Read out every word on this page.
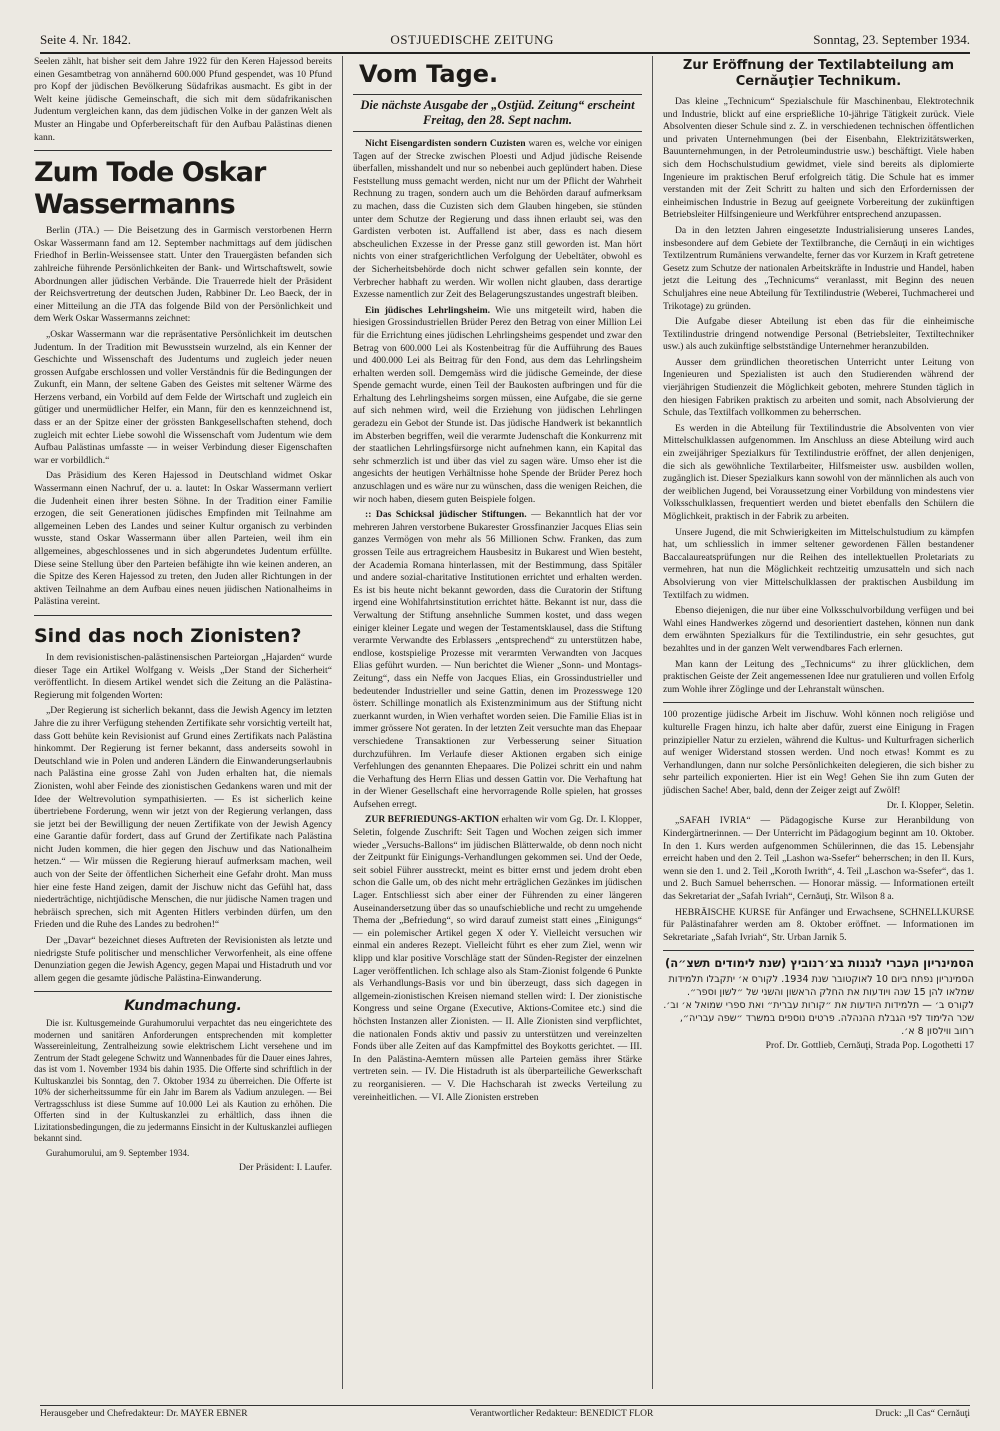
Seite 4. Nr. 1842.	OSTJUEDISCHE ZEITUNG	Sonntag, 23. September 1934.

Seelen zählt, hat bisher seit dem Jahre 1922 für den Keren Hajessod bereits einen Gesamtbetrag von annähernd 600.000 Pfund gespendet, was 10 Pfund pro Kopf der jüdischen Bevölkerung Südafrikas ausmacht. Es gibt in der Welt keine jüdische Gemeinschaft, die sich mit dem südafrikanischen Judentum vergleichen kann, das dem jüdischen Volke in der ganzen Welt als Muster an Hingabe und Opferbereitschaft für den Aufbau Palästinas dienen kann.

Zum Tode Oskar Wassermanns

Berlin (JTA.) — Die Beisetzung des in Garmisch verstorbenen Herrn Oskar Wassermann fand am 12. September nachmittags auf dem jüdischen Friedhof in Berlin-Weissensee statt. Unter den Trauergästen befanden sich zahlreiche führende Persönlichkeiten der Bank- und Wirtschaftswelt, sowie Abordnungen aller jüdischen Verbände. Die Trauerrede hielt der Präsident der Reichsvertretung der deutschen Juden, Rabbiner Dr. Leo Baeck, der in einer Mitteilung an die JTA das folgende Bild von der Persönlichkeit und dem Werk Oskar Wassermanns zeichnet:

„Oskar Wassermann war die repräsentative Persönlichkeit im deutschen Judentum. In der Tradition mit Bewusstsein wurzelnd, als ein Kenner der Geschichte und Wissenschaft des Judentums und zugleich jeder neuen grossen Aufgabe erschlossen und voller Verständnis für die Bedingungen der Zukunft, ein Mann, der seltene Gaben des Geistes mit seltener Wärme des Herzens verband, ein Vorbild auf dem Felde der Wirtschaft und zugleich ein gütiger und unermüdlicher Helfer, ein Mann, für den es kennzeichnend ist, dass er an der Spitze einer der grössten Bankgesellschaften stehend, doch zugleich mit echter Liebe sowohl die Wissenschaft vom Judentum wie dem Aufbau Palästinas umfasste — in weiser Verbindung dieser Eigenschaften war er vorbildlich.“

Das Präsidium des Keren Hajessod in Deutschland widmet Oskar Wassermann einen Nachruf, der u. a. lautet: In Oskar Wassermann verliert die Judenheit einen ihrer besten Söhne. In der Tradition einer Familie erzogen, die seit Generationen jüdisches Empfinden mit Teilnahme am allgemeinen Leben des Landes und seiner Kultur organisch zu verbinden wusste, stand Oskar Wassermann über allen Parteien, weil ihm ein allgemeines, abgeschlossenes und in sich abgerundetes Judentum erfüllte. Diese seine Stellung über den Parteien befähigte ihn wie keinen anderen, an die Spitze des Keren Hajessod zu treten, den Juden aller Richtungen in der aktiven Teilnahme an dem Aufbau eines neuen jüdischen Nationalheims in Palästina vereint.

Sind das noch Zionisten?

In dem revisionistischen-palästinensischen Parteiorgan „Hajarden“ wurde dieser Tage ein Artikel Wolfgang v. Weisls „Der Stand der Sicherheit“ veröffentlicht. In diesem Artikel wendet sich die Zeitung an die Palästina-Regierung mit folgenden Worten:

„Der Regierung ist sicherlich bekannt, dass die Jewish Agency im letzten Jahre die zu ihrer Verfügung stehenden Zertifikate sehr vorsichtig verteilt hat, dass Gott behüte kein Revisionist auf Grund eines Zertifikats nach Palästina hinkommt. Der Regierung ist ferner bekannt, dass anderseits sowohl in Deutschland wie in Polen und anderen Ländern die Einwanderungserlaubnis nach Palästina eine grosse Zahl von Juden erhalten hat, die niemals Zionisten, wohl aber Feinde des zionistischen Gedankens waren und mit der Idee der Weltrevolution sympathisierten. — Es ist sicherlich keine übertriebene Forderung, wenn wir jetzt von der Regierung verlangen, dass sie jetzt bei der Bewilligung der neuen Zertifikate von der Jewish Agency eine Garantie dafür fordert, dass auf Grund der Zertifikate nach Palästina nicht Juden kommen, die hier gegen den Jischuw und das Nationalheim hetzen.“ — Wir müssen die Regierung hierauf aufmerksam machen, weil auch von der Seite der öffentlichen Sicherheit eine Gefahr droht. Man muss hier eine feste Hand zeigen, damit der Jischuw nicht das Gefühl hat, dass niederträchtige, nichtjüdische Menschen, die nur jüdische Namen tragen und hebräisch sprechen, sich mit Agenten Hitlers verbinden dürfen, um den Frieden und die Ruhe des Landes zu bedrohen!“

Der „Davar“ bezeichnet dieses Auftreten der Revisionisten als letzte und niedrigste Stufe politischer und menschlicher Verworfenheit, als eine offene Denunziation gegen die Jewish Agency, gegen Mapai und Histadruth und vor allem gegen die gesamte jüdische Palästina-Einwanderung.

Kundmachung.

Die isr. Kultusgemeinde Gurahumorului verpachtet das neu eingerichtete des modernen und sanitären Anforderungen entsprechenden mit kompletter Wassereinleitung, Zentralheizung sowie elektrischem Licht versehene und im Zentrum der Stadt gelegene Schwitz und Wannenbades für die Dauer eines Jahres, das ist vom 1. November 1934 bis dahin 1935. Die Offerte sind schriftlich in der Kultuskanzlei bis Sonntag, den 7. Oktober 1934 zu überreichen. Die Offerte ist 10% der sicherheitssumme für ein Jahr im Barem als Vadium anzulegen. — Bei Vertragsschluss ist diese Summe auf 10.000 Lei als Kaution zu erhöhen. Die Offerten sind in der Kultuskanzlei zu erhältlich, dass ihnen die Lizitationsbedingungen, die zu jedermanns Einsicht in der Kultuskanzlei aufliegen bekannt sind.

Gurahumorului, am 9. September 1934.

Der Präsident: I. Laufer.
Vom Tage.
Die nächste Ausgabe der „Ostjüd. Zeitung“ erscheint Freitag, den 28. Sept nachm.

Nicht Eisengardisten sondern Cuzisten waren es, welche vor einigen Tagen auf der Strecke zwischen Ploesti und Adjud jüdische Reisende überfallen, misshandelt und nur so nebenbei auch geplündert haben. Diese Feststellung muss gemacht werden, nicht nur um der Pflicht der Wahrheit Rechnung zu tragen, sondern auch um die Behörden darauf aufmerksam zu machen, dass die Cuzisten sich dem Glauben hingeben, sie stünden unter dem Schutze der Regierung und dass ihnen erlaubt sei, was den Gardisten verboten ist. Auffallend ist aber, dass es nach diesem abscheulichen Exzesse in der Presse ganz still geworden ist. Man hört nichts von einer strafgerichtlichen Verfolgung der Uebeltäter, obwohl es der Sicherheitsbehörde doch nicht schwer gefallen sein konnte, der Verbrecher habhaft zu werden. Wir wollen nicht glauben, dass derartige Exzesse namentlich zur Zeit des Belagerungszustandes ungestraft bleiben.

Ein jüdisches Lehrlingsheim. Wie uns mitgeteilt wird, haben die hiesigen Grossindustriellen Brüder Perez den Betrag von einer Million Lei für die Errichtung eines jüdischen Lehrlingsheims gespendet und zwar den Betrag von 600.000 Lei als Kostenbeitrag für die Aufführung des Baues und 400.000 Lei als Beitrag für den Fond, aus dem das Lehrlingsheim erhalten werden soll. Demgemäss wird die jüdische Gemeinde, der diese Spende gemacht wurde, einen Teil der Baukosten aufbringen und für die Erhaltung des Lehrlingsheims sorgen müssen, eine Aufgabe, die sie gerne auf sich nehmen wird, weil die Erziehung von jüdischen Lehrlingen geradezu ein Gebot der Stunde ist. Das jüdische Handwerk ist bekanntlich im Absterben begriffen, weil die verarmte Judenschaft die Konkurrenz mit der staatlichen Lehrlingsfürsorge nicht aufnehmen kann, ein Kapital das sehr schmerzlich ist und über das viel zu sagen wäre. Umso eher ist die angesichts der heutigen Verhältnisse hohe Spende der Brüder Perez hoch anzuschlagen und es wäre nur zu wünschen, dass die wenigen Reichen, die wir noch haben, diesem guten Beispiele folgen.

:: Das Schicksal jüdischer Stiftungen. — Bekanntlich hat der vor mehreren Jahren verstorbene Bukarester Grossfinanzier Jacques Elias sein ganzes Vermögen von mehr als 56 Millionen Schw. Franken, das zum grossen Teile aus ertragreichem Hausbesitz in Bukarest und Wien besteht, der Academia Romana hinterlassen, mit der Bestimmung, dass Spitäler und andere sozial-charitative Institutionen errichtet und erhalten werden. Es ist bis heute nicht bekannt geworden, dass die Curatorin der Stiftung irgend eine Wohlfahrtsinstitution errichtet hätte. Bekannt ist nur, dass die Verwaltung der Stiftung ansehnliche Summen kostet, und dass wegen einiger kleiner Legate und wegen der Testamentsklausel, dass die Stiftung verarmte Verwandte des Erblassers „entsprechend“ zu unterstützen habe, endlose, kostspielige Prozesse mit verarmten Verwandten von Jacques Elias geführt wurden. — Nun berichtet die Wiener „Sonn- und Montags-Zeitung“, dass ein Neffe von Jacques Elias, ein Grossindustrieller und bedeutender Industrieller und seine Gattin, denen im Prozesswege 120 österr. Schillinge monatlich als Existenzminimum aus der Stiftung nicht zuerkannt wurden, in Wien verhaftet worden seien. Die Familie Elias ist in immer grössere Not geraten. In der letzten Zeit versuchte man das Ehepaar verschiedene Transaktionen zur Verbesserung seiner Situation durchzuführen. Im Verlaufe dieser Aktionen ergaben sich einige Verfehlungen des genannten Ehepaares. Die Polizei schritt ein und nahm die Verhaftung des Herrn Elias und dessen Gattin vor. Die Verhaftung hat in der Wiener Gesellschaft eine hervorragende Rolle spielen, hat grosses Aufsehen erregt.

ZUR BEFRIEDUNGS-AKTION erhalten wir vom Gg. Dr. I. Klopper, Seletin, folgende Zuschrift: Seit Tagen und Wochen zeigen sich immer wieder „Versuchs-Ballons“ im jüdischen Blätterwalde, ob denn noch nicht der Zeitpunkt für Einigungs-Verhandlungen gekommen sei. Und der Oede, seit sobiel Führer ausstreckt, meint es bitter ernst und jedem droht eben schon die Galle um, ob des nicht mehr erträglichen Gezänkes im jüdischen Lager. Entschliesst sich aber einer der Führenden zu einer längeren Auseinandersetzung über das so unaufschiebliche und recht zu umgehende Thema der „Befriedung“, so wird darauf zumeist statt eines „Einigungs“ — ein polemischer Artikel gegen X oder Y. Vielleicht versuchen wir einmal ein anderes Rezept. Vielleicht führt es eher zum Ziel, wenn wir klipp und klar positive Vorschläge statt der Sünden-Register der einzelnen Lager veröffentlichen. Ich schlage also als Stam-Zionist folgende 6 Punkte als Verhandlungs-Basis vor und bin überzeugt, dass sich dagegen in allgemein-zionistischen Kreisen niemand stellen wird: I. Der zionistische Kongress und seine Organe (Executive, Aktions-Comitee etc.) sind die höchsten Instanzen aller Zionisten. — II. Alle Zionisten sind verpflichtet, die nationalen Fonds aktiv und passiv zu unterstützen und vereinzelten Fonds über alle Zeiten auf das Kampfmittel des Boykotts gerichtet. — III. In den Palästina-Aemtern müssen alle Parteien gemäss ihrer Stärke vertreten sein. — IV. Die Histadruth ist als überparteiliche Gewerkschaft zu reorganisieren. — V. Die Hachscharah ist zwecks Verteilung zu vereinheitlichen. — VI. Alle Zionisten erstreben

Zur Eröffnung der Textilabteilung am Cernăuţier Technikum.

Das kleine „Technicum“ Spezialschule für Maschinenbau, Elektrotechnik und Industrie, blickt auf eine ersprießliche 10-jährige Tätigkeit zurück. Viele Absolventen dieser Schule sind z. Z. in verschiedenen technischen öffentlichen und privaten Unternehmungen (bei der Eisenbahn, Elektrizitätswerken, Bauunternehmungen, in der Petroleumindustrie usw.) beschäftigt. Viele haben sich dem Hochschulstudium gewidmet, viele sind bereits als diplomierte Ingenieure im praktischen Beruf erfolgreich tätig. Die Schule hat es immer verstanden mit der Zeit Schritt zu halten und sich den Erfordernissen der einheimischen Industrie in Bezug auf geeignete Vorbereitung der zukünftigen Betriebsleiter Hilfsingenieure und Werkführer entsprechend anzupassen.

Da in den letzten Jahren eingesetzte Industrialisierung unseres Landes, insbesondere auf dem Gebiete der Textilbranche, die Cernăuţi in ein wichtiges Textilzentrum Rumäniens verwandelte, ferner das vor Kurzem in Kraft getretene Gesetz zum Schutze der nationalen Arbeitskräfte in Industrie und Handel, haben jetzt die Leitung des „Technicums“ veranlasst, mit Beginn des neuen Schuljahres eine neue Abteilung für Textilindustrie (Weberei, Tuchmacherei und Trikotage) zu gründen.

Die Aufgabe dieser Abteilung ist eben das für die einheimische Textilindustrie dringend notwendige Personal (Betriebsleiter, Textiltechniker usw.) als auch zukünftige selbstständige Unternehmer heranzubilden.

Ausser dem gründlichen theoretischen Unterricht unter Leitung von Ingenieuren und Spezialisten ist auch den Studierenden während der vierjährigen Studienzeit die Möglichkeit geboten, mehrere Stunden täglich in den hiesigen Fabriken praktisch zu arbeiten und somit, nach Absolvierung der Schule, das Textilfach vollkommen zu beherrschen.

Es werden in die Abteilung für Textilindustrie die Absolventen von vier Mittelschulklassen aufgenommen. Im Anschluss an diese Abteilung wird auch ein zweijähriger Spezialkurs für Textilindustrie eröffnet, der allen denjenigen, die sich als gewöhnliche Textilarbeiter, Hilfsmeister usw. ausbilden wollen, zugänglich ist. Dieser Spezialkurs kann sowohl von der männlichen als auch von der weiblichen Jugend, bei Voraussetzung einer Vorbildung von mindestens vier Volksschulklassen, frequentiert werden und bietet ebenfalls den Schülern die Möglichkeit, praktisch in der Fabrik zu arbeiten.

Unsere Jugend, die mit Schwierigkeiten im Mittelschulstudium zu kämpfen hat, um schliesslich in immer seltener gewordenen Fällen bestandener Baccalaureatsprüfungen nur die Reihen des intellektuellen Proletariats zu vermehren, hat nun die Möglichkeit rechtzeitig umzusatteln und sich nach Absolvierung von vier Mittelschulklassen der praktischen Ausbildung im Textilfach zu widmen.

Ebenso diejenigen, die nur über eine Volksschulvorbildung verfügen und bei Wahl eines Handwerkes zögernd und desorientiert dastehen, können nun dank dem erwähnten Spezialkurs für die Textilindustrie, ein sehr gesuchtes, gut bezahltes und in der ganzen Welt verwendbares Fach erlernen.

Man kann der Leitung des „Technicums“ zu ihrer glücklichen, dem praktischen Geiste der Zeit angemessenen Idee nur gratulieren und vollen Erfolg zum Wohle ihrer Zöglinge und der Lehranstalt wünschen.

100 prozentige jüdische Arbeit im Jischuw. Wohl können noch religiöse und kulturelle Fragen hinzu, ich halte aber dafür, zuerst eine Einigung in Fragen prinzipieller Natur zu erzielen, während die Kultus- und Kulturfragen sicherlich auf weniger Widerstand stossen werden. Und noch etwas! Kommt es zu Verhandlungen, dann nur solche Persönlichkeiten delegieren, die sich bisher zu sehr parteilich exponierten. Hier ist ein Weg! Gehen Sie ihn zum Guten der jüdischen Sache! Aber, bald, denn der Zeiger zeigt auf Zwölf!

Dr. I. Klopper, Seletin.

„SAFAH IVRIA“ — Pädagogische Kurse zur Heranbildung von Kindergärtnerinnen. — Der Unterricht im Pädagogium beginnt am 10. Oktober. In den 1. Kurs werden aufgenommen Schülerinnen, die das 15. Lebensjahr erreicht haben und den 2. Teil „Lashon wa-Ssefer“ beherrschen; in den II. Kurs, wenn sie den 1. und 2. Teil „Koroth Iwrith“, 4. Teil „Laschon wa-Ssefer“, das 1. und 2. Buch Samuel beherrschen. — Honorar mässig. — Informationen erteilt das Sekretariat der „Safah Ivriah“, Cernăuţi, Str. Wilson 8 a.

HEBRÄISCHE KURSE für Anfänger und Erwachsene, SCHNELLKURSE für Palästinafahrer werden am 8. Oktober eröffnet. — Informationen im Sekretariate „Safah Ivriah“, Str. Urban Jarnik 5.

הסמינריון העברי לגננות בצ׳רנוביץ (שנת לימודים תשצ״ה)
הסמינריון נפתח ביום 10 לאוקטובר שנת 1934. לקורס א׳ יתקבלו תלמידות שמלאו להן 15 שנה ויודעות את החלק הראשון והשני של ״לשון וספר״. לקורס ב׳ — תלמידות היודעות את ״קורות עברית״ ואת ספרי שמואל א׳ וב׳. שכר הלימוד לפי הגבלת ההנהלה. פרטים נוספים במשרד ״שפה עבריה״, רחוב ווילסון 8 א׳.
Prof. Dr. Gottlieb, Cernăuţi, Strada Pop. Logothetti 17
Herausgeber und Chefredakteur: Dr. MAYER EBNER	Verantwortlicher Redakteur: BENEDICT FLOR	Druck: „Il Cas“ Cernăuţi
